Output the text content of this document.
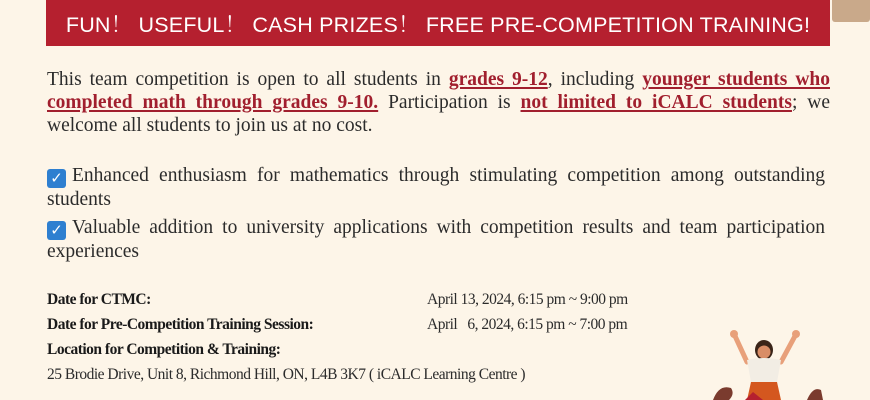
FUN！ USEFUL！ CASH PRIZES！ FREE PRE-COMPETITION TRAINING!
This team competition is open to all students in grades 9-12, including younger students who completed math through grades 9-10. Participation is not limited to iCALC students; we welcome all students to join us at no cost.
✓ Enhanced enthusiasm for mathematics through stimulating competition among outstanding students
✓ Valuable addition to university applications with competition results and team participation experiences
Date for CTMC:	April 13, 2024, 6:15 pm ~ 9:00 pm
Date for Pre-Competition Training Session:	April   6, 2024, 6:15 pm ~ 7:00 pm
Location for Competition & Training:
25 Brodie Drive, Unit 8, Richmond Hill, ON, L4B 3K7 ( iCALC Learning Centre )
